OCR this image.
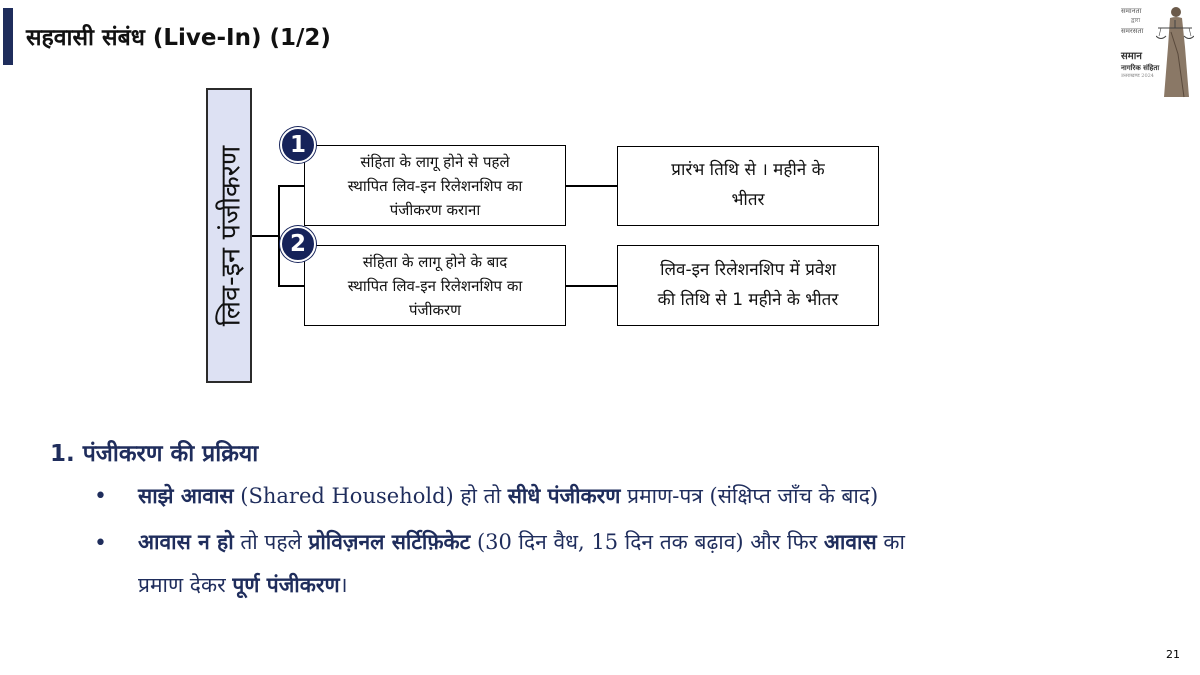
सहवासी संबंध (Live-In) (1/2)
समानता
द्वारा
समरसता
समान
नागरिक संहिता
उत्तराखण्ड 2024
लिव-इन पंजीकरण	संहिता के लागू होने से पहले
स्थापित लिव-इन रिलेशनशिप का
पंजीकरण कराना
प्रारंभ तिथि से । महीने के
भीतर
संहिता के लागू होने के बाद
स्थापित लिव-इन रिलेशनशिप का
पंजीकरण
लिव-इन रिलेशनशिप में प्रवेश
की तिथि से 1 महीने के भीतर
1
2
1. पंजीकरण की प्रक्रिया
• साझे आवास (Shared Household) हो तो सीधे पंजीकरण प्रमाण-पत्र (संक्षिप्त जाँच के बाद)
• आवास न हो तो पहले प्रोविज़नल सर्टिफ़िकेट (30 दिन वैध, 15 दिन तक बढ़ाव) और फिर आवास का
प्रमाण देकर पूर्ण पंजीकरण।
21
